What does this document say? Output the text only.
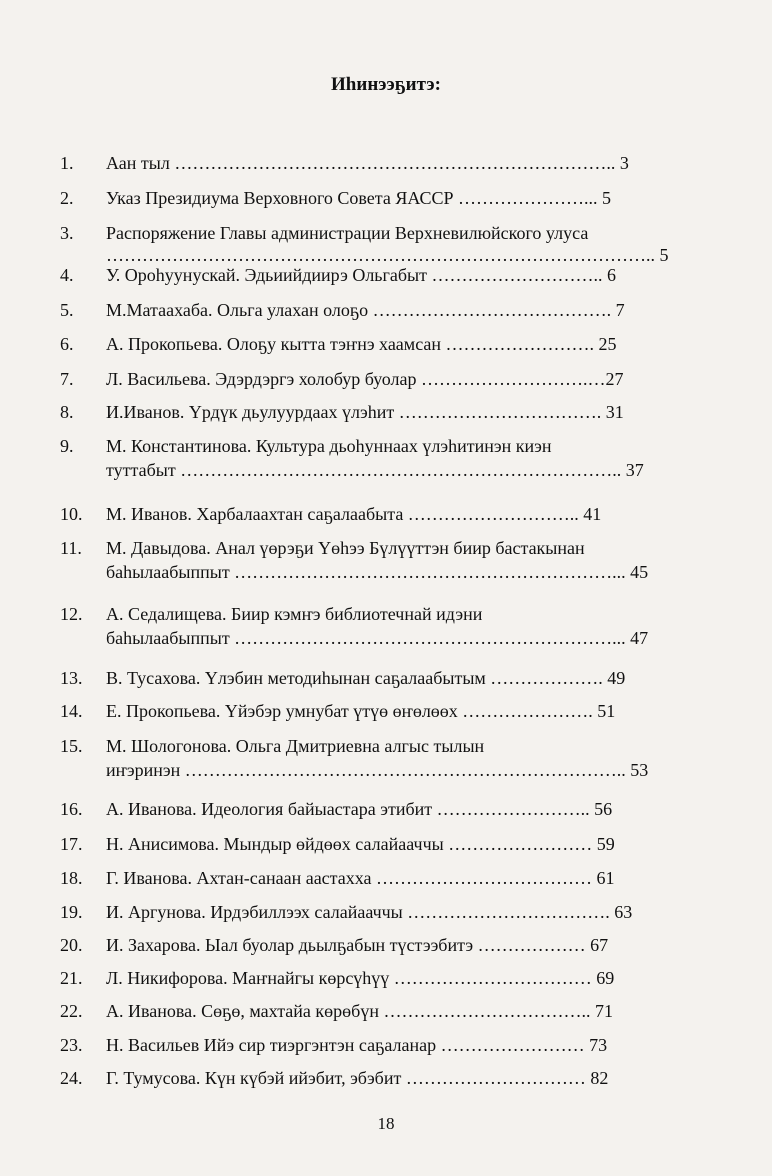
Иһинээҕитэ:
1. Аан тыл ……………………………………………………………….. 3
2. Указ Президиума Верховного Совета ЯАССР …………………... 5
3. Распоряжение Главы администрации Верхневилюйского улуса
……………………………………………………………………………….. 5
4. У. Ороһуунускай. Эдьиийдиирэ Ольгабыт ……………………….. 6
5. М.Матаахаба. Ольга улахан олоҕо …………………………………. 7
6. А. Прокопьева. Олоҕу кытта тэҥнэ хаамсан ……………………. 25
7. Л. Васильева. Эдэрдэргэ холобур буолар ……………………….…27
8. И.Иванов. Үрдүк дьулуурдаах үлэһит ……………………………. 31
9. М. Константинова. Культура дьоһуннаах үлэһитинэн киэн
туттабыт ……………………………………………………………….. 37
10. М. Иванов. Харбалаахтан саҕалаабыта ……………………….. 41
11. М. Давыдова. Анал үөрэҕи Үөһээ Бүлүүттэн биир бастакынан
баһылаабыппыт ………………………………………………………... 45
12. А. Седалищева. Биир кэмҥэ библиотечнай идэни
баһылаабыппыт ………………………………………………………... 47
13. В. Тусахова. Үлэбин методиһынан саҕалаабытым ………………. 49
14. Е. Прокопьева. Үйэбэр умнубат үтүө өҥөлөөх …………………. 51
15. М. Шологонова. Ольга Дмитриевна алгыс тылын
иҥэринэн ……………………………………………………………….. 53
16. А. Иванова. Идеология байыастара этибит …………………….. 56
17. Н. Анисимова. Мындыр өйдөөх салайааччы …………………… 59
18. Г. Иванова. Ахтан-санаан аастахха ……………………………… 61
19. И. Аргунова. Ирдэбиллээх салайааччы ……………………………. 63
20. И. Захарова. Ыал буолар дьылҕабын түстээбитэ ……………… 67
21. Л. Никифорова. Маҥнайгы көрсүһүү …………………………… 69
22. А. Иванова. Сөҕө, махтайа көрөбүн …………………………….. 71
23. Н. Васильев Ийэ сир тиэргэнтэн саҕаланар …………………… 73
24. Г. Тумусова. Күн күбэй ийэбит, эбэбит ………………………… 82
18
